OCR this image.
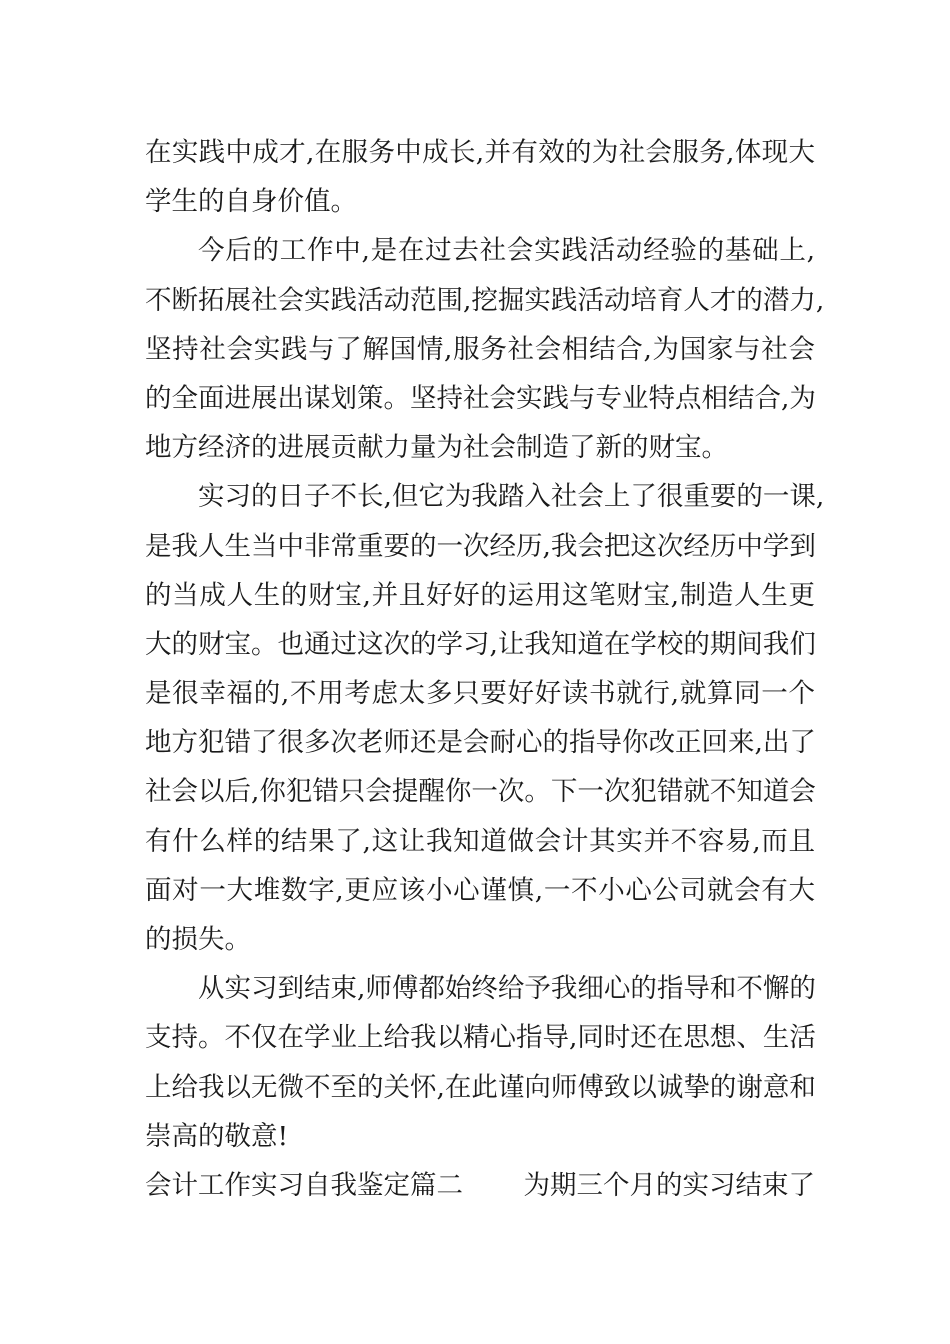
在实践中成才,在服务中成长,并有效的为社会服务,体现大
学生的自身价值。
今后的工作中,是在过去社会实践活动经验的基础上,
不断拓展社会实践活动范围,挖掘实践活动培育人才的潜力,
坚持社会实践与了解国情,服务社会相结合,为国家与社会
的全面进展出谋划策。坚持社会实践与专业特点相结合,为
地方经济的进展贡献力量为社会制造了新的财宝。
实习的日子不长,但它为我踏入社会上了很重要的一课,
是我人生当中非常重要的一次经历,我会把这次经历中学到
的当成人生的财宝,并且好好的运用这笔财宝,制造人生更
大的财宝。也通过这次的学习,让我知道在学校的期间我们
是很幸福的,不用考虑太多只要好好读书就行,就算同一个
地方犯错了很多次老师还是会耐心的指导你改正回来,出了
社会以后,你犯错只会提醒你一次。下一次犯错就不知道会
有什么样的结果了,这让我知道做会计其实并不容易,而且
面对一大堆数字,更应该小心谨慎,一不小心公司就会有大
的损失。
从实习到结束,师傅都始终给予我细心的指导和不懈的
支持。不仅在学业上给我以精心指导,同时还在思想、生活
上给我以无微不至的关怀,在此谨向师傅致以诚挚的谢意和
崇高的敬意!
会计工作实习自我鉴定篇二 为期三个月的实习结束了
